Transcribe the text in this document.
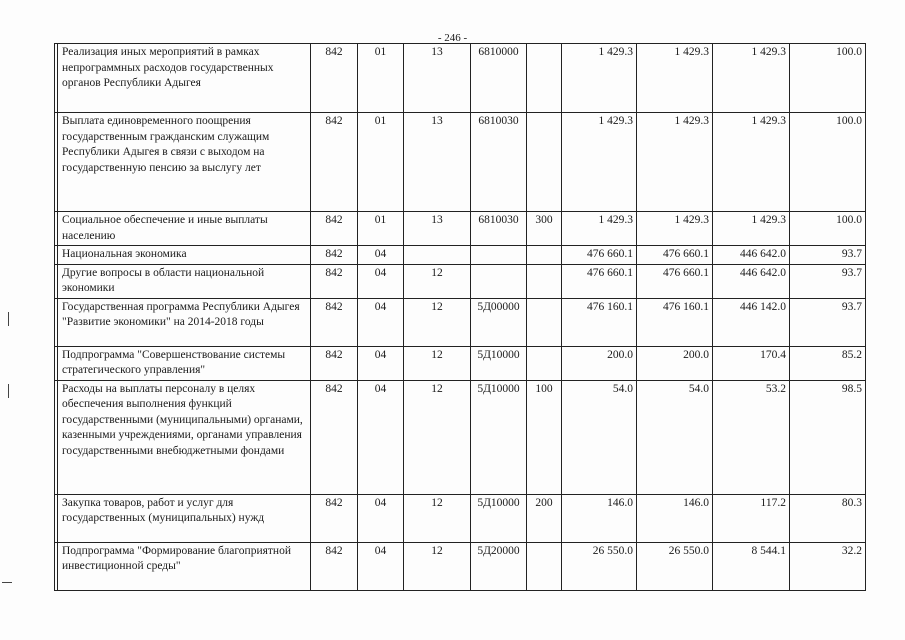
- 246 -
	Реализация иных мероприятий в рамках непрограммных расходов государственных органов Республики Адыгея	842	01	13	6810000		1 429.3	1 429.3	1 429.3	100.0
	Выплата единовременного поощрения государственным гражданским служащим Республики Адыгея в связи с выходом на государственную пенсию за выслугу лет	842	01	13	6810030		1 429.3	1 429.3	1 429.3	100.0
	Социальное обеспечение и иные выплаты населению	842	01	13	6810030	300	1 429.3	1 429.3	1 429.3	100.0
	Национальная экономика	842	04				476 660.1	476 660.1	446 642.0	93.7
	Другие вопросы в области национальной экономики	842	04	12			476 660.1	476 660.1	446 642.0	93.7
	Государственная программа Республики Адыгея "Развитие экономики" на 2014-2018 годы	842	04	12	5Д00000		476 160.1	476 160.1	446 142.0	93.7
	Подпрограмма "Совершенствование системы стратегического управления"	842	04	12	5Д10000		200.0	200.0	170.4	85.2
	Расходы на выплаты персоналу в целях обеспечения выполнения функций государственными (муниципальными) органами, казенными учреждениями, органами управления государственными внебюджетными фондами	842	04	12	5Д10000	100	54.0	54.0	53.2	98.5
	Закупка товаров, работ и услуг для государственных (муниципальных) нужд	842	04	12	5Д10000	200	146.0	146.0	117.2	80.3
	Подпрограмма "Формирование благоприятной инвестиционной среды"	842	04	12	5Д20000		26 550.0	26 550.0	8 544.1	32.2
